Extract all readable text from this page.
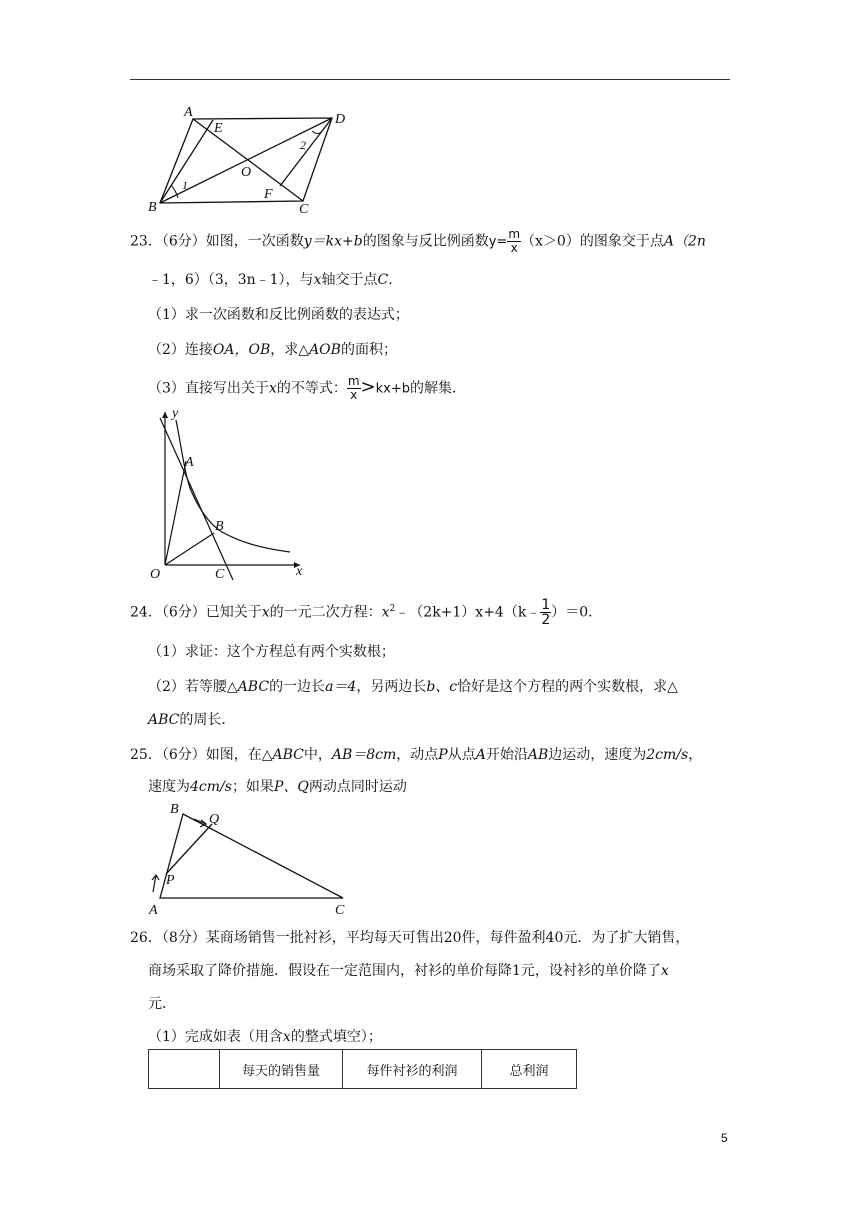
A
E
D
O
B
F
C
1
2
23．（6分）如图，一次函数y＝kx+b的图象与反比例函数$y= \frac{m}{x} (x>0)$的图象交于点A（2n
﹣1，6）（3，3n﹣1），与x轴交于点C．
（1）求一次函数和反比例函数的表达式；
（2）连接OA，OB，求△AOB的面积；
（3）直接写出关于x的不等式： $\frac{m}{x} >kx+b$的解集．
y
A
B
O	C	x
24．（6分）已知关于x的一元二次方程：$x^2﹣(2k+1)x+4(k﹣ \frac{1}{2} )=0$．
（1）求证：这个方程总有两个实数根；
（2）若等腰△ABC的一边长a＝4，另两边长b、c恰好是这个方程的两个实数根，求△
ABC的周长．
25．（6分）如图，在△ABC中，AB＝8cm，动点P从点A开始沿AB边运动，速度为2cm/s，
速度为4cm/s；如果P、Q两动点同时运动
B
Q
P
A	C
26．（8分）某商场销售一批衬衫，平均每天可售出20件，每件盈利40元．为了扩大销售，
商场采取了降价措施．假设在一定范围内，衬衫的单价每降1元，设衬衫的单价降了x
元．
（1）完成如表（用含x的整式填空）；
	每天的销售量	每件衬衫的利润	总利润
5
